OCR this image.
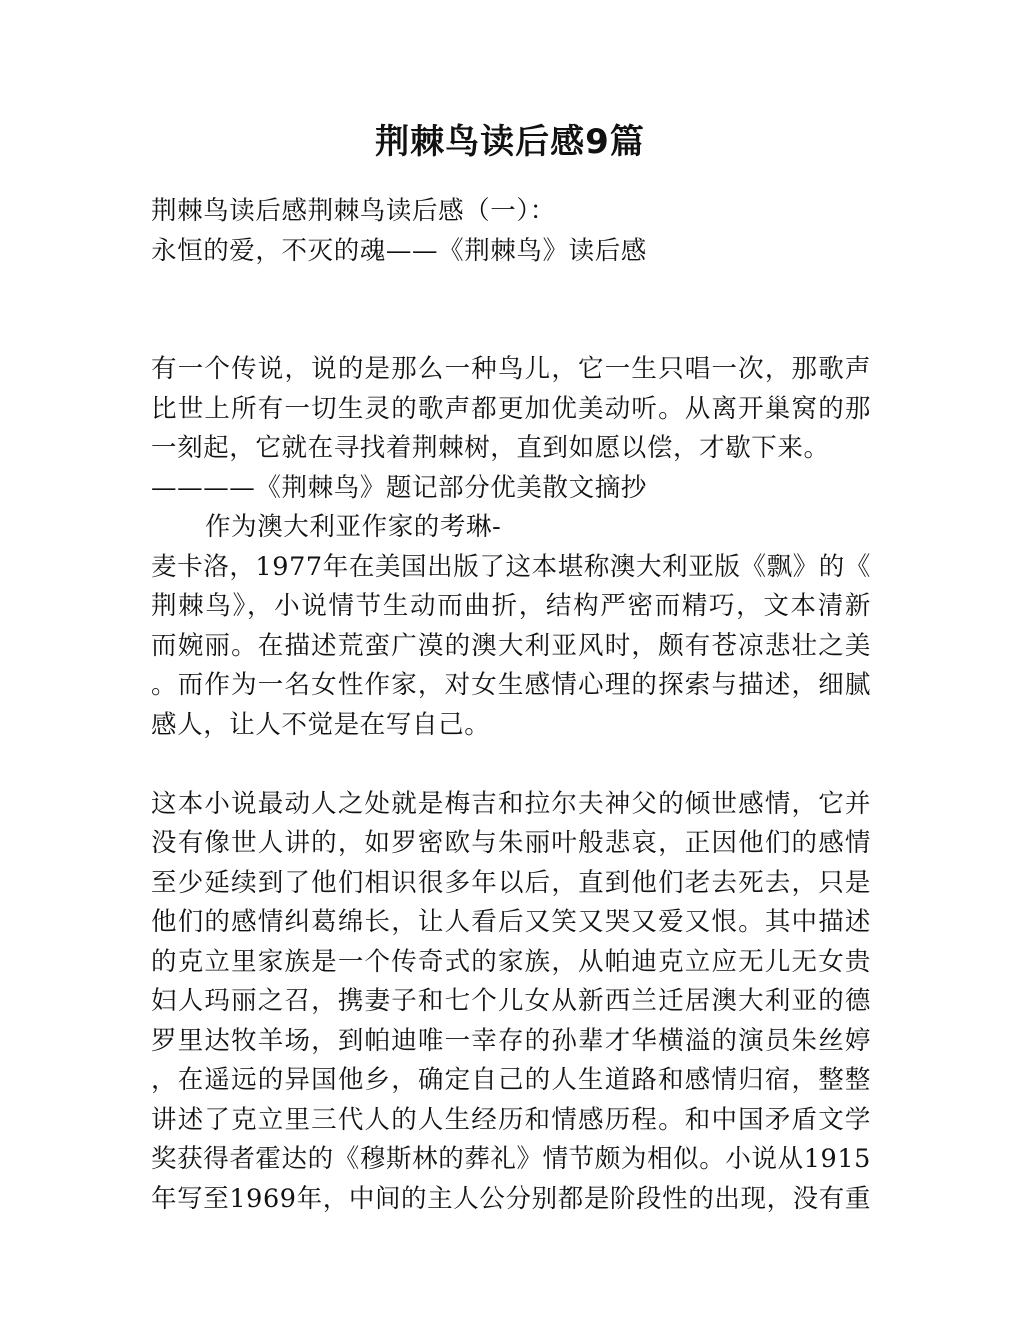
荆棘鸟读后感9篇
荆棘鸟读后感荆棘鸟读后感（一）：
永恒的爱，不灭的魂——《荆棘鸟》读后感
有一个传说，说的是那么一种鸟儿，它一生只唱一次，那歌声
比世上所有一切生灵的歌声都更加优美动听。从离开巢窝的那
一刻起，它就在寻找着荆棘树，直到如愿以偿，才歇下来。
————《荆棘鸟》题记部分优美散文摘抄
作为澳大利亚作家的考琳-
麦卡洛，1977年在美国出版了这本堪称澳大利亚版《飘》的《
荆棘鸟》，小说情节生动而曲折，结构严密而精巧，文本清新
而婉丽。在描述荒蛮广漠的澳大利亚风时，颇有苍凉悲壮之美
。而作为一名女性作家，对女生感情心理的探索与描述，细腻
感人，让人不觉是在写自己。
这本小说最动人之处就是梅吉和拉尔夫神父的倾世感情，它并
没有像世人讲的，如罗密欧与朱丽叶般悲哀，正因他们的感情
至少延续到了他们相识很多年以后，直到他们老去死去，只是
他们的感情纠葛绵长，让人看后又笑又哭又爱又恨。其中描述
的克立里家族是一个传奇式的家族，从帕迪克立应无儿无女贵
妇人玛丽之召，携妻子和七个儿女从新西兰迁居澳大利亚的德
罗里达牧羊场，到帕迪唯一幸存的孙辈才华横溢的演员朱丝婷
，在遥远的异国他乡，确定自己的人生道路和感情归宿，整整
讲述了克立里三代人的人生经历和情感历程。和中国矛盾文学
奖获得者霍达的《穆斯林的葬礼》情节颇为相似。小说从1915
年写至1969年，中间的主人公分别都是阶段性的出现，没有重
